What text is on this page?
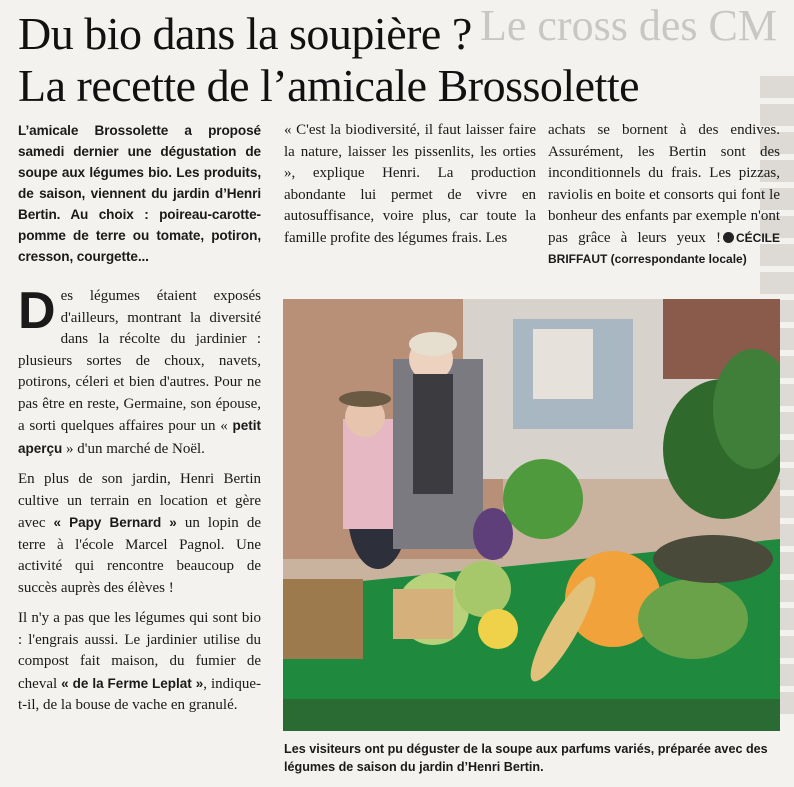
Le cross des CM
Du bio dans la soupière ?
La recette de l’amicale Brossolette
L’amicale Brossolette a proposé samedi dernier une dégustation de soupe aux légumes bio. Les produits, de saison, viennent du jardin d’Henri Bertin. Au choix : poireau-carotte-pomme de terre ou tomate, potiron, cresson, courgette...

Des légumes étaient exposés d'ailleurs, montrant la diversité dans la récolte du jardinier : plusieurs sortes de choux, navets, potirons, céleri et bien d'autres. Pour ne pas être en reste, Germaine, son épouse, a sorti quelques affaires pour un « petit aperçu » d'un marché de Noël.

En plus de son jardin, Henri Bertin cultive un terrain en location et gère avec « Papy Bernard » un lopin de terre à l'école Marcel Pagnol. Une activité qui rencontre beaucoup de succès auprès des élèves !

Il n'y a pas que les légumes qui sont bio : l'engrais aussi. Le jardinier utilise du compost fait maison, du fumier de cheval « de la Ferme Leplat », indique-t-il, de la bouse de vache en granulé.

« C'est la biodiversité, il faut laisser faire la nature, laisser les pissenlits, les orties », explique Henri. La production abondante lui permet de vivre en autosuffisance, voire plus, car toute la famille profite des légumes frais. Les
achats se bornent à des endives. Assurément, les Bertin sont des inconditionnels du frais. Les pizzas, raviolis en boite et consorts qui font le bonheur des enfants par exemple n'ont pas grâce à leurs yeux ! CÉCILE BRIFFAUT (correspondante locale)
Les visiteurs ont pu déguster de la soupe aux parfums variés, préparée avec des légumes de saison du jardin d’Henri Bertin.
